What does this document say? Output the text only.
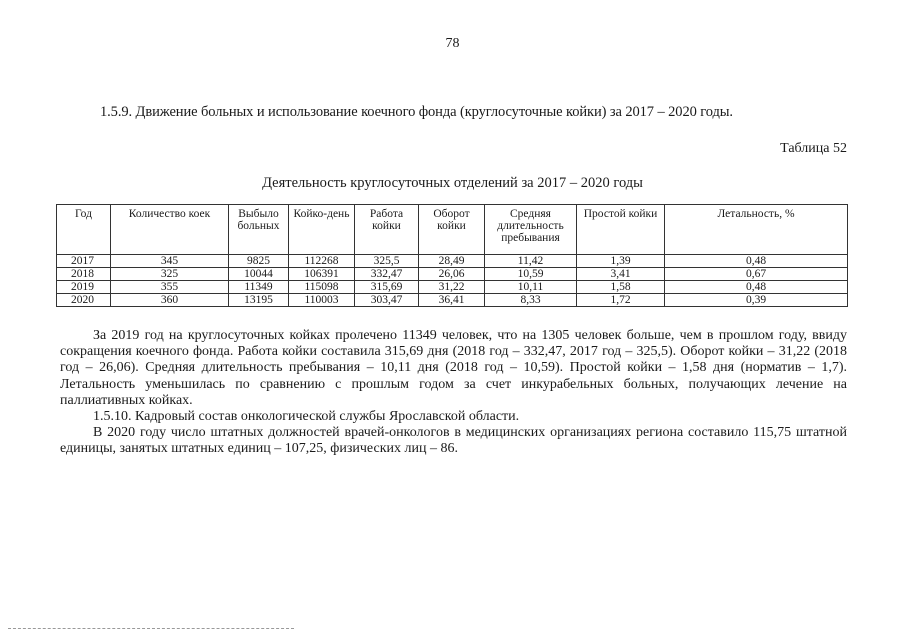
78
1.5.9. Движение больных и использование коечного фонда (круглосуточные койки) за 2017 – 2020 годы.
Таблица 52
Деятельность круглосуточных отделений за 2017 – 2020 годы
Год	Количество коек	Выбыло больных	Койко-день	Работа койки	Оборот койки	Средняя длительность пребывания	Простой койки	Летальность, %
2017	345	9825	112268	325,5	28,49	11,42	1,39	0,48
2018	325	10044	106391	332,47	26,06	10,59	3,41	0,67
2019	355	11349	115098	315,69	31,22	10,11	1,58	0,48
2020	360	13195	110003	303,47	36,41	8,33	1,72	0,39

За 2019 год на круглосуточных койках пролечено 11349 человек, что на 1305 человек больше, чем в прошлом году, ввиду сокращения коечного фонда. Работа койки составила 315,69 дня (2018 год – 332,47, 2017 год – 325,5). Оборот койки – 31,22 (2018 год – 26,06). Средняя длительность пребывания – 10,11 дня (2018 год – 10,59). Простой койки – 1,58 дня (норматив – 1,7). Летальность уменьшилась по сравнению с прошлым годом за счет инкурабельных больных, получающих лечение на паллиативных койках.

1.5.10. Кадровый состав онкологической службы Ярославской области.

В 2020 году число штатных должностей врачей-онкологов в медицинских организациях региона составило 115,75 штатной единицы, занятых штатных единиц – 107,25, физических лиц – 86.
